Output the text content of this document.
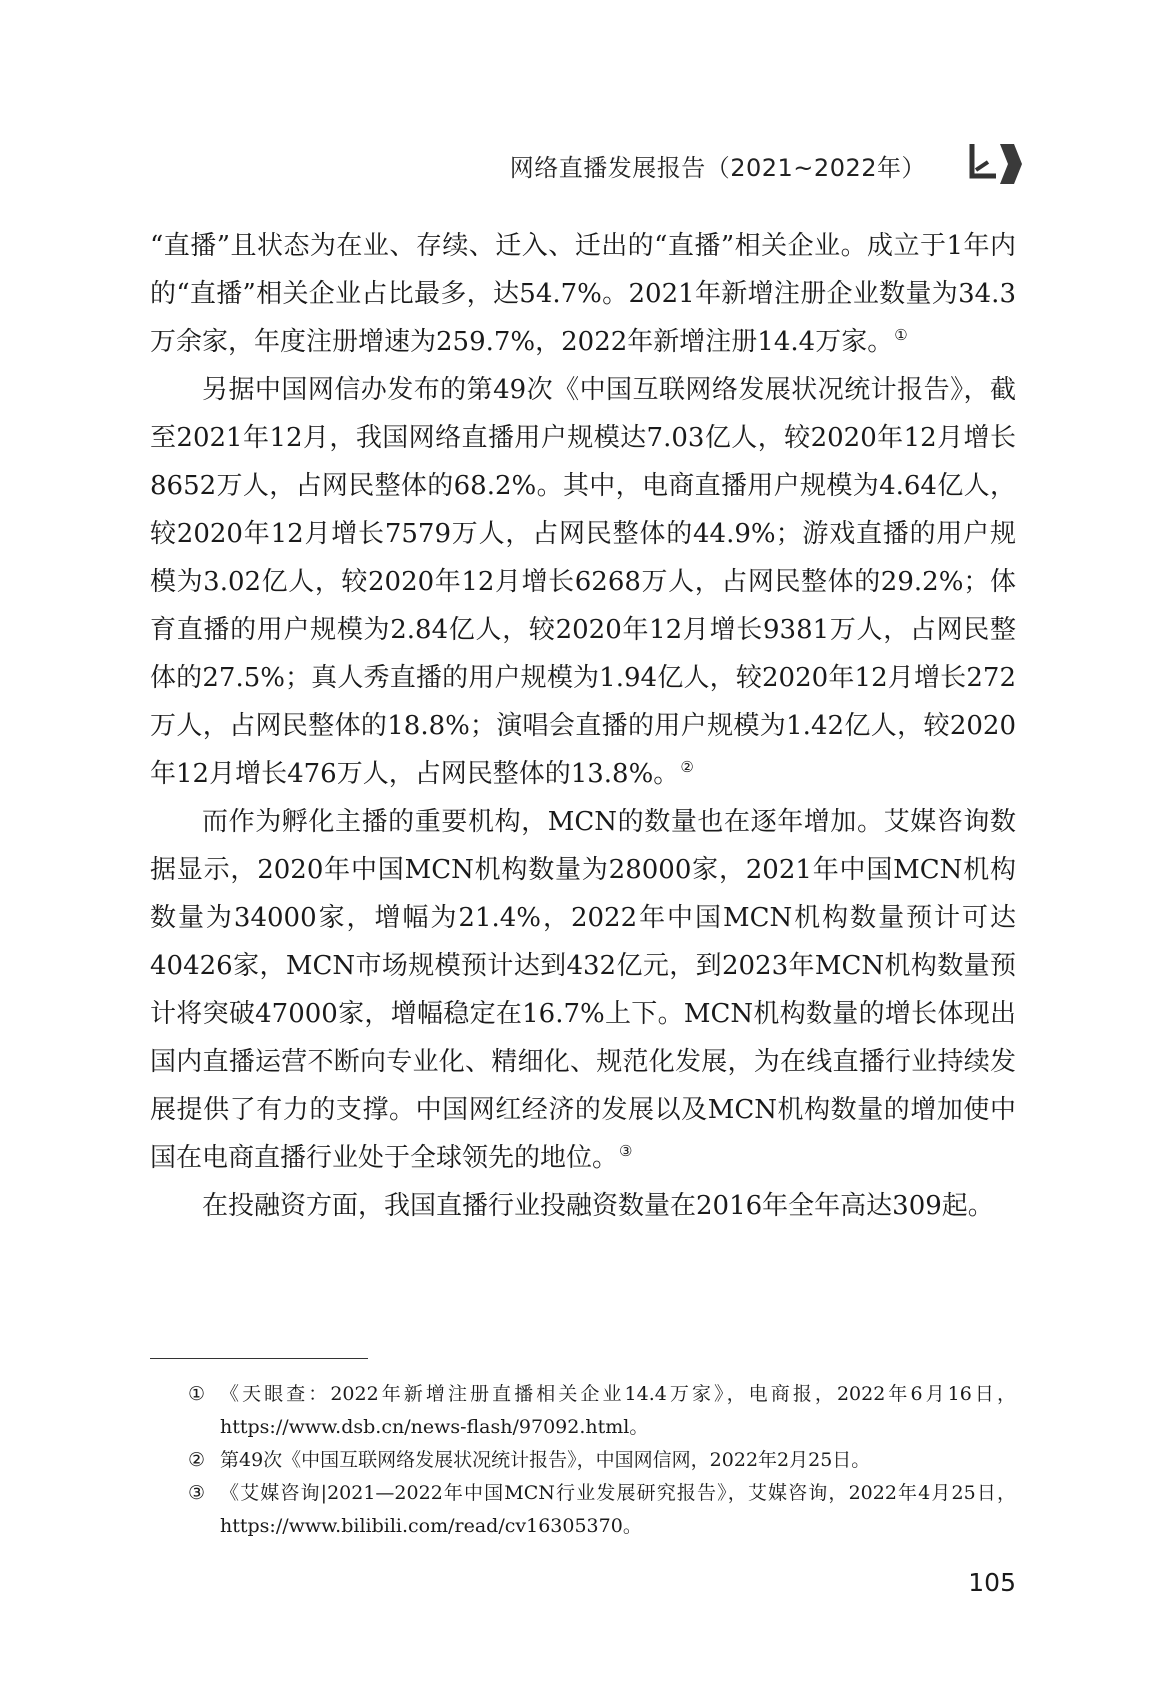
网络直播发展报告（2021~2022年）

“直播”且状态为在业、存续、迁入、迁出的“直播”相关企业。成立于1年内的“直播”相关企业占比最多，达54.7%。2021年新增注册企业数量为34.3万余家，年度注册增速为259.7%，2022年新增注册14.4万家。①

另据中国网信办发布的第49次《中国互联网络发展状况统计报告》，截至2021年12月，我国网络直播用户规模达7.03亿人，较2020年12月增长8652万人，占网民整体的68.2%。其中，电商直播用户规模为4.64亿人，较2020年12月增长7579万人，占网民整体的44.9%；游戏直播的用户规模为3.02亿人，较2020年12月增长6268万人，占网民整体的29.2%；体育直播的用户规模为2.84亿人，较2020年12月增长9381万人，占网民整体的27.5%；真人秀直播的用户规模为1.94亿人，较2020年12月增长272万人，占网民整体的18.8%；演唱会直播的用户规模为1.42亿人，较2020年12月增长476万人，占网民整体的13.8%。②

而作为孵化主播的重要机构，MCN的数量也在逐年增加。艾媒咨询数据显示，2020年中国MCN机构数量为28000家，2021年中国MCN机构数量为34000家，增幅为21.4%，2022年中国MCN机构数量预计可达40426家，MCN市场规模预计达到432亿元，到2023年MCN机构数量预计将突破47000家，增幅稳定在16.7%上下。MCN机构数量的增长体现出国内直播运营不断向专业化、精细化、规范化发展，为在线直播行业持续发展提供了有力的支撑。中国网红经济的发展以及MCN机构数量的增加使中国在电商直播行业处于全球领先的地位。③

在投融资方面，我国直播行业投融资数量在2016年全年高达309起。

① 《天眼查：2022年新增注册直播相关企业14.4万家》，电商报，2022年6月16日，https://www.dsb.cn/news-flash/97092.html。
② 第49次《中国互联网络发展状况统计报告》，中国网信网，2022年2月25日。
③ 《艾媒咨询|2021—2022年中国MCN行业发展研究报告》，艾媒咨询，2022年4月25日，https://www.bilibili.com/read/cv16305370。
105
